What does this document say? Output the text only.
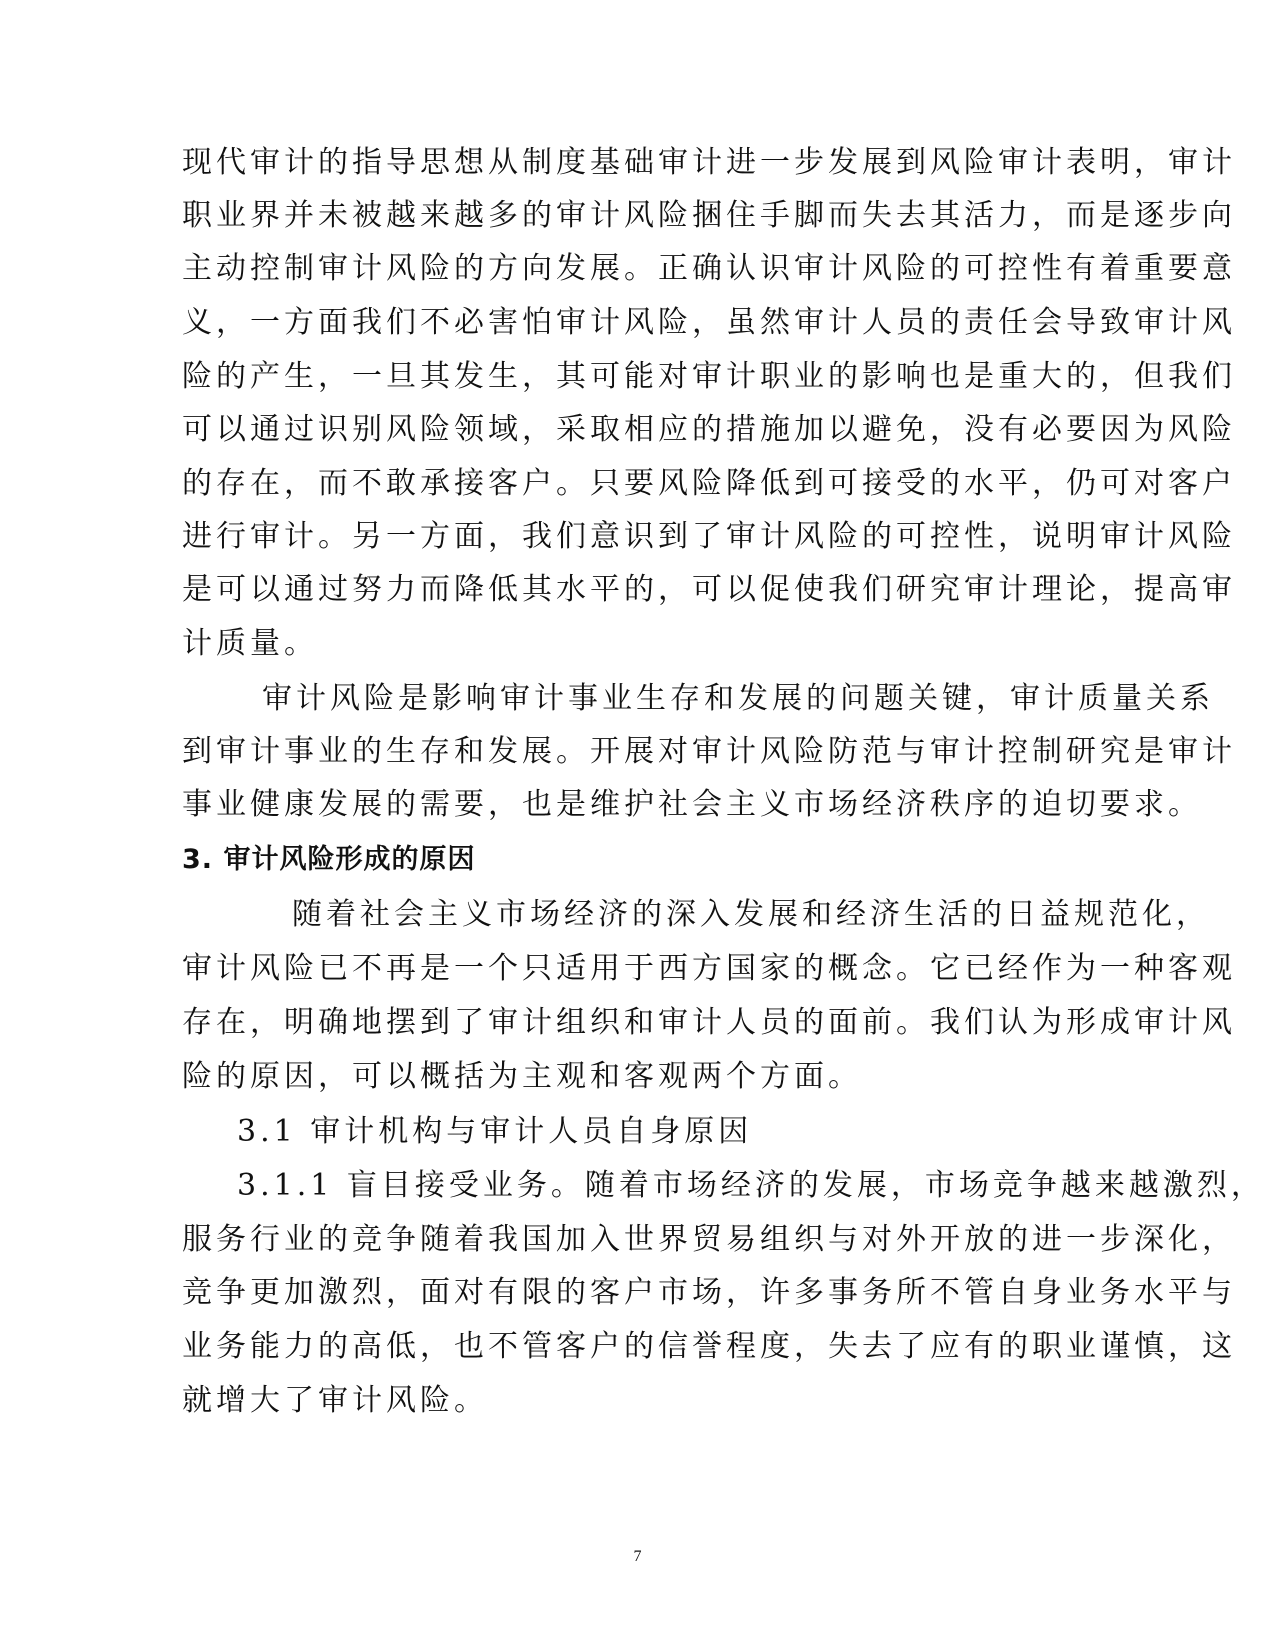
现代审计的指导思想从制度基础审计进一步发展到风险审计表明，审计
职业界并未被越来越多的审计风险捆住手脚而失去其活力，而是逐步向
主动控制审计风险的方向发展。正确认识审计风险的可控性有着重要意
义，一方面我们不必害怕审计风险，虽然审计人员的责任会导致审计风
险的产生，一旦其发生，其可能对审计职业的影响也是重大的，但我们
可以通过识别风险领域，采取相应的措施加以避免，没有必要因为风险
的存在，而不敢承接客户。只要风险降低到可接受的水平，仍可对客户
进行审计。另一方面，我们意识到了审计风险的可控性，说明审计风险
是可以通过努力而降低其水平的，可以促使我们研究审计理论，提高审
计质量。
审计风险是影响审计事业生存和发展的问题关键，审计质量关系
到审计事业的生存和发展。开展对审计风险防范与审计控制研究是审计
事业健康发展的需要，也是维护社会主义市场经济秩序的迫切要求。
3. 审计风险形成的原因
随着社会主义市场经济的深入发展和经济生活的日益规范化，
审计风险已不再是一个只适用于西方国家的概念。它已经作为一种客观
存在，明确地摆到了审计组织和审计人员的面前。我们认为形成审计风
险的原因，可以概括为主观和客观两个方面。
3.1 审计机构与审计人员自身原因
3.1.1 盲目接受业务。随着市场经济的发展，市场竞争越来越激烈，
服务行业的竞争随着我国加入世界贸易组织与对外开放的进一步深化，
竞争更加激烈，面对有限的客户市场，许多事务所不管自身业务水平与
业务能力的高低，也不管客户的信誉程度，失去了应有的职业谨慎，这
就增大了审计风险。
7
